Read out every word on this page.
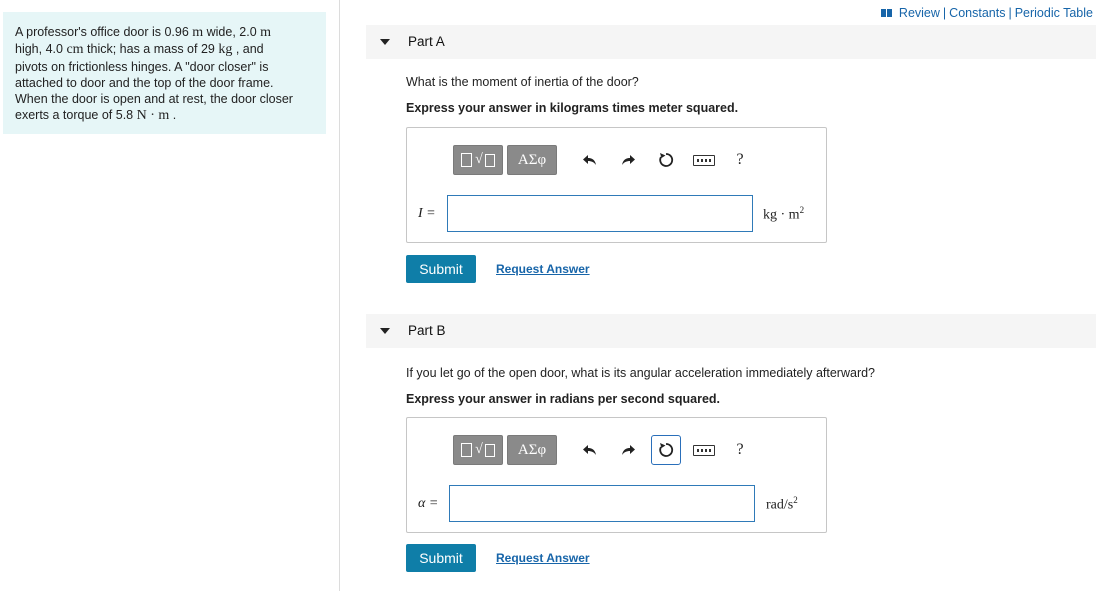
A professor's office door is 0.96 m wide, 2.0 m
high, 4.0 cm thick; has a mass of 29 kg , and
pivots on frictionless hinges. A "door closer" is
attached to door and the top of the door frame.
When the door is open and at rest, the door closer
exerts a torque of 5.8 N · m .
Review | Constants | Periodic Table
Part A
What is the moment of inertia of the door?
Express your answer in kilograms times meter squared.
√	ΑΣφ	?
I =	kg · $m^2$
Submit	Request Answer
Part B
If you let go of the open door, what is its angular acceleration immediately afterward?
Express your answer in radians per second squared.
√	ΑΣφ	?
α =	rad/$s^2$
Submit	Request Answer
